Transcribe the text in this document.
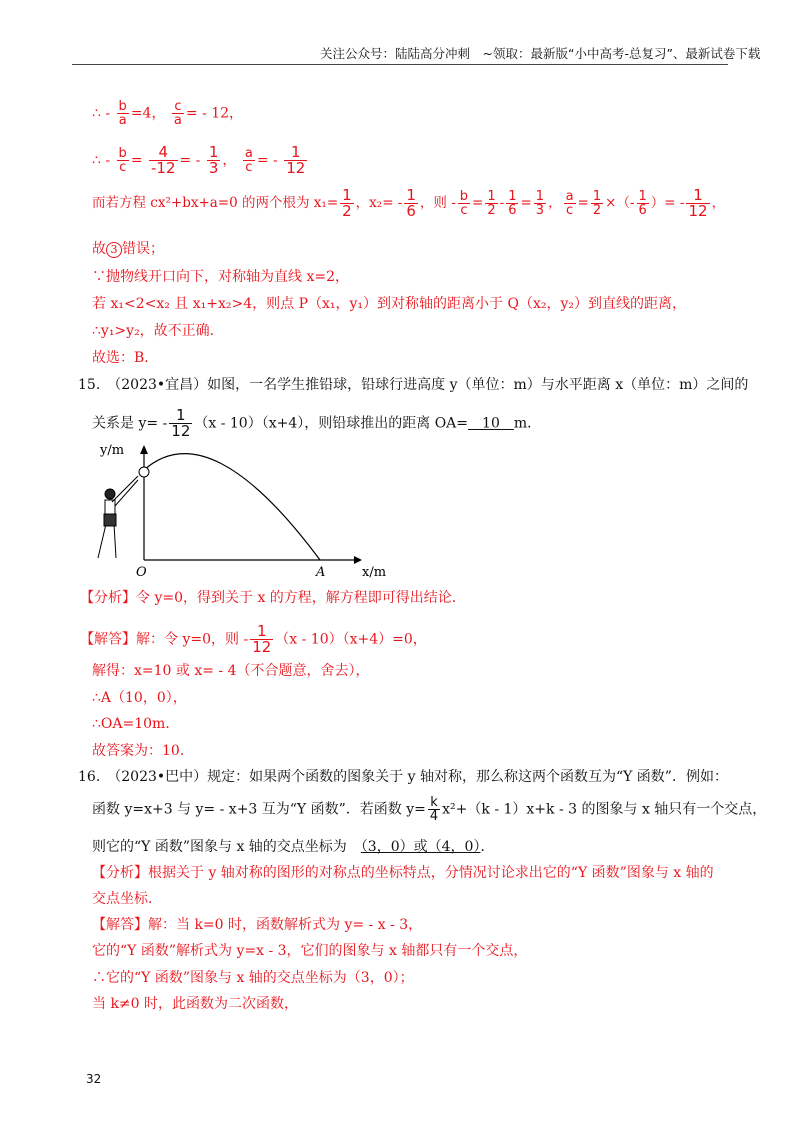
关注公众号：陆陆高分冲刺　~领取：最新版“小中高考-总复习”、最新试卷下载
∴ - $\frac{b}{a} =4$， $\frac{c}{a}$ = - 12，
∴ - $\frac{b}{c} = \frac{4}{-12}$ = - $\frac{1}{3}$ ， $\frac{a}{c}$ = - $\frac{1}{12}$
而若方程 cx²+bx+a=0 的两个根为 $x_1= \frac{1}{2}$ ，$x_2= - \frac{1}{6}$ ，则 - $\frac{b}{c} = \frac{1}{2} - \frac{1}{6} = \frac{1}{3}$ ， $\frac{a}{c} = \frac{1}{2}$ ×（- $\frac{1}{6}$ ）= - $\frac{1}{12}$ ，
故 3 错误；
∵抛物线开口向下，对称轴为直线 x=2，
若 x₁<2<x₂ 且 x₁+x₂>4，则点 P（x₁，y₁）到对称轴的距离小于 Q（x₂，y₂）到直线的距离，
∴y₁>y₂，故不正确．
故选：B．
15.　（2023•宜昌）如图，一名学生推铅球，铅球行进高度 y（单位：m）与水平距离 x（单位：m）之间的
关系是 $y= - \frac{1}{12} (x - 10)(x+4)$，则铅球推出的距离 OA=　10　m．
y/m
x/m
O	A
【分析】令 y=0，得到关于 x 的方程，解方程即可得出结论．
【解答】解：令 y=0，则 - $\frac{1}{12} (x - 10)(x+4)=0$，
解得：x=10 或 x= - 4（不合题意，舍去），
∴A（10，0），
∴OA=10m．
故答案为：10．
16.　（2023•巴中）规定：如果两个函数的图象关于 y 轴对称，那么称这两个函数互为“Y 函数”．例如：
函数 y=x+3 与 y= - x+3 互为“Y 函数”．若函数 $y= \frac{k}{4} x^2+(k - 1)x+k - 3$ 的图象与 x 轴只有一个交点，
则它的“Y 函数”图象与 x 轴的交点坐标为　 （3，0）或（4，0）．
【分析】根据关于 y 轴对称的图形的对称点的坐标特点，分情况讨论求出它的“Y 函数”图象与 x 轴的
交点坐标．
【解答】解：当 k=0 时，函数解析式为 y= - x - 3，
它的“Y 函数”解析式为 y=x - 3，它们的图象与 x 轴都只有一个交点，
∴它的“Y 函数”图象与 x 轴的交点坐标为（3，0）；
当 k≠0 时，此函数为二次函数，
32
